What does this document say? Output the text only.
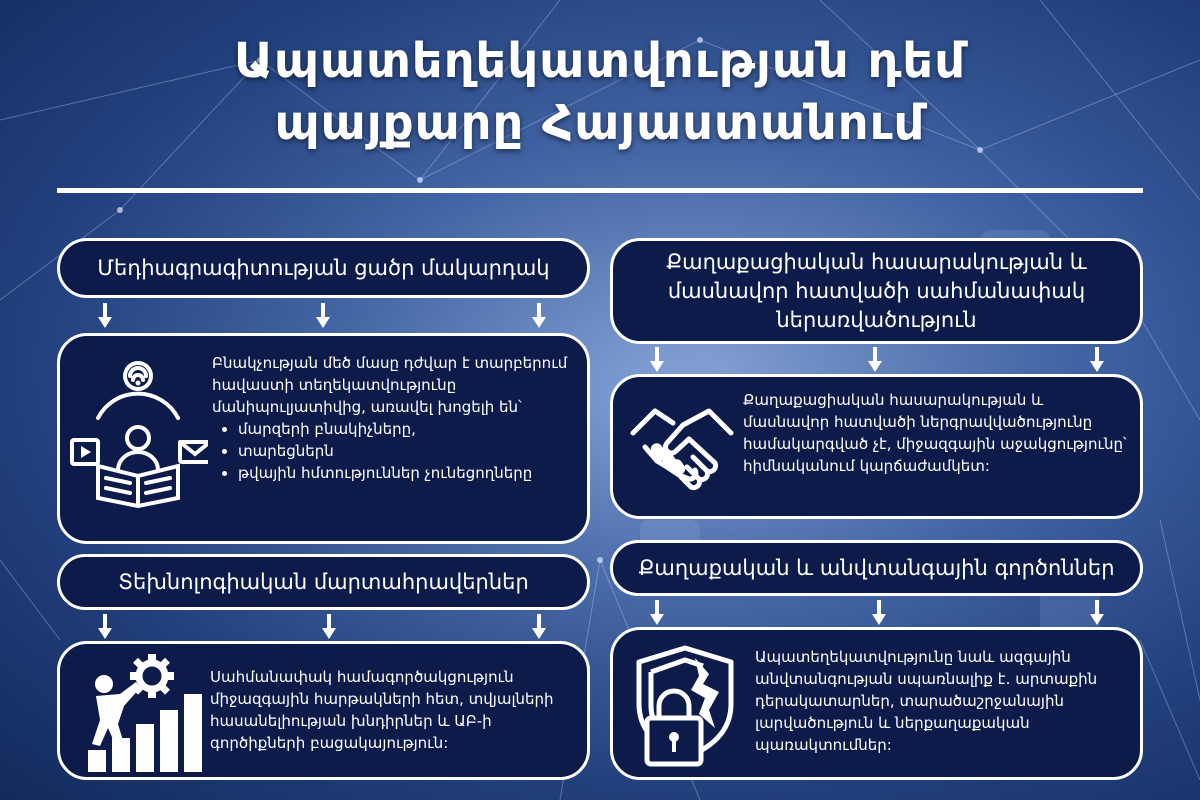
Ապատեղեկատվության դեմ
պայքարը Հայաստանում
Մեդիագրագիտության ցածր մակարդակ
Բնակչության մեծ մասը դժվար է տարբերում հավաստի տեղեկատվությունը մանիպուլյատիվից, առավել խոցելի են՝
• մարզերի բնակիչները,
• տարեցներն
• թվային հմտություններ չունեցողները
Քաղաքացիական հասարակության և
մասնավոր հատվածի սահմանափակ
ներառվածություն
Քաղաքացիական հասարակության և մասնավոր հատվածի ներգրավվածությունը համակարգված չէ, միջազգային աջակցությունը՝ հիմնականում կարճաժամկետ:
Տեխնոլոգիական մարտահրավերներ
Սահմանափակ համագործակցություն միջազգային հարթակների հետ, տվյալների հասանելիության խնդիրներ և ԱԲ-ի գործիքների բացակայություն:
Քաղաքական և անվտանգային գործոններ
Ապատեղեկատվությունը նաև ազգային անվտանգության սպառնալիք է․ արտաքին դերակատարներ, տարածաշրջանային լարվածություն և ներքաղաքական պառակտումներ:
